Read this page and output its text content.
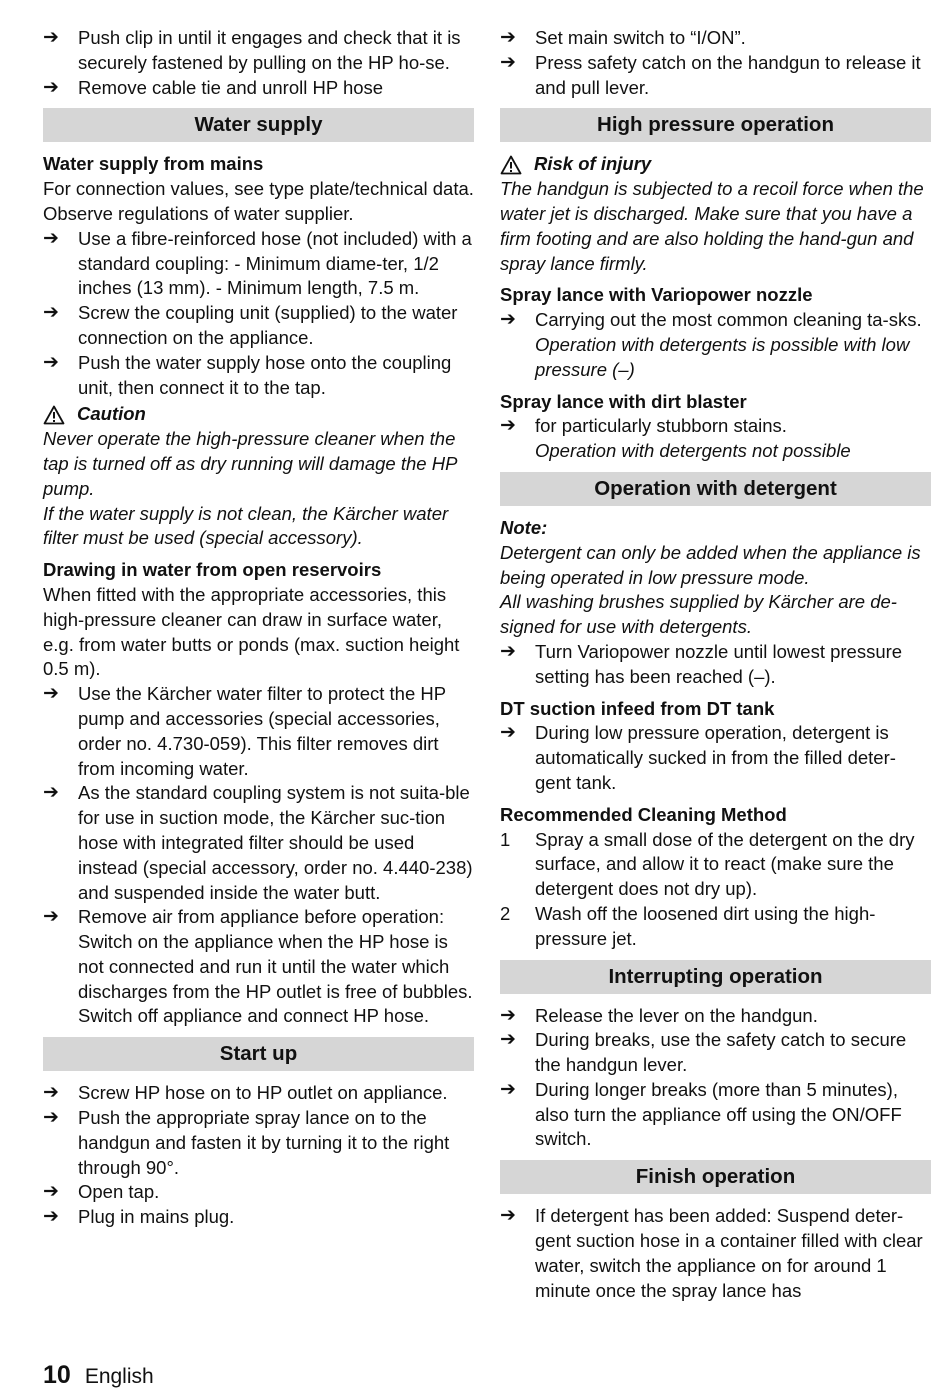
➔	Push clip in until it engages and check that it is securely fastened by pulling on the HP ho-se.
➔	Remove cable tie and unroll HP hose
Water supply
Water supply from mains

For connection values, see type plate/technical data.

Observe regulations of water supplier.

➔	Use a fibre-reinforced hose (not included) with a standard coupling: - Minimum diame-ter, 1/2 inches (13 mm). - Minimum length, 7.5 m.
➔	Screw the coupling unit (supplied) to the water connection on the appliance.
➔	Push the water supply hose onto the coupling unit, then connect it to the tap.
Caution

Never operate the high-pressure cleaner when the tap is turned off as dry running will damage the HP pump.

If the water supply is not clean, the Kärcher water filter must be used (special accessory).

Drawing in water from open reservoirs

When fitted with the appropriate accessories, this high-pressure cleaner can draw in surface water, e.g. from water butts or ponds (max. suction height 0.5 m).

➔	Use the Kärcher water filter to protect the HP pump and accessories (special accessories, order no. 4.730-059). This filter removes dirt from incoming water.
➔	As the standard coupling system is not suita-ble for use in suction mode, the Kärcher suc-tion hose with integrated filter should be used instead (special accessory, order no. 4.440-238) and suspended inside the water butt.
➔	Remove air from appliance before operation: Switch on the appliance when the HP hose is not connected and run it until the water which discharges from the HP outlet is free of bubbles. Switch off appliance and connect HP hose.
Start up
➔	Screw HP hose on to HP outlet on appliance.
➔	Push the appropriate spray lance on to the handgun and fasten it by turning it to the right through 90°.
➔	Open tap.
➔	Plug in mains plug.
➔	Set main switch to “I/ON”.
➔	Press safety catch on the handgun to release it and pull lever.
High pressure operation
Risk of injury

The handgun is subjected to a recoil force when the water jet is discharged. Make sure that you have a firm footing and are also holding the hand-gun and spray lance firmly.

Spray lance with Variopower nozzle
➔	Carrying out the most common cleaning ta-sks.
Operation with detergents is possible with low pressure (–)
Spray lance with dirt blaster
➔	for particularly stubborn stains.
Operation with detergents not possible
Operation with detergent
Note:

Detergent can only be added when the appliance is being operated in low pressure mode.

All washing brushes supplied by Kärcher are de-signed for use with detergents.

➔	Turn Variopower nozzle until lowest pressure setting has been reached (–).
DT suction infeed from DT tank
➔	During low pressure operation, detergent is automatically sucked in from the filled deter-gent tank.
Recommended Cleaning Method
1	Spray a small dose of the detergent on the dry surface, and allow it to react (make sure the detergent does not dry up).
2	Wash off the loosened dirt using the high-pressure jet.
Interrupting operation
➔	Release the lever on the handgun.
➔	During breaks, use the safety catch to secure the handgun lever.
➔	During longer breaks (more than 5 minutes), also turn the appliance off using the ON/OFF switch.
Finish operation
➔	If detergent has been added: Suspend deter-gent suction hose in a container filled with clear water, switch the appliance on for around 1 minute once the spray lance has
10 English
